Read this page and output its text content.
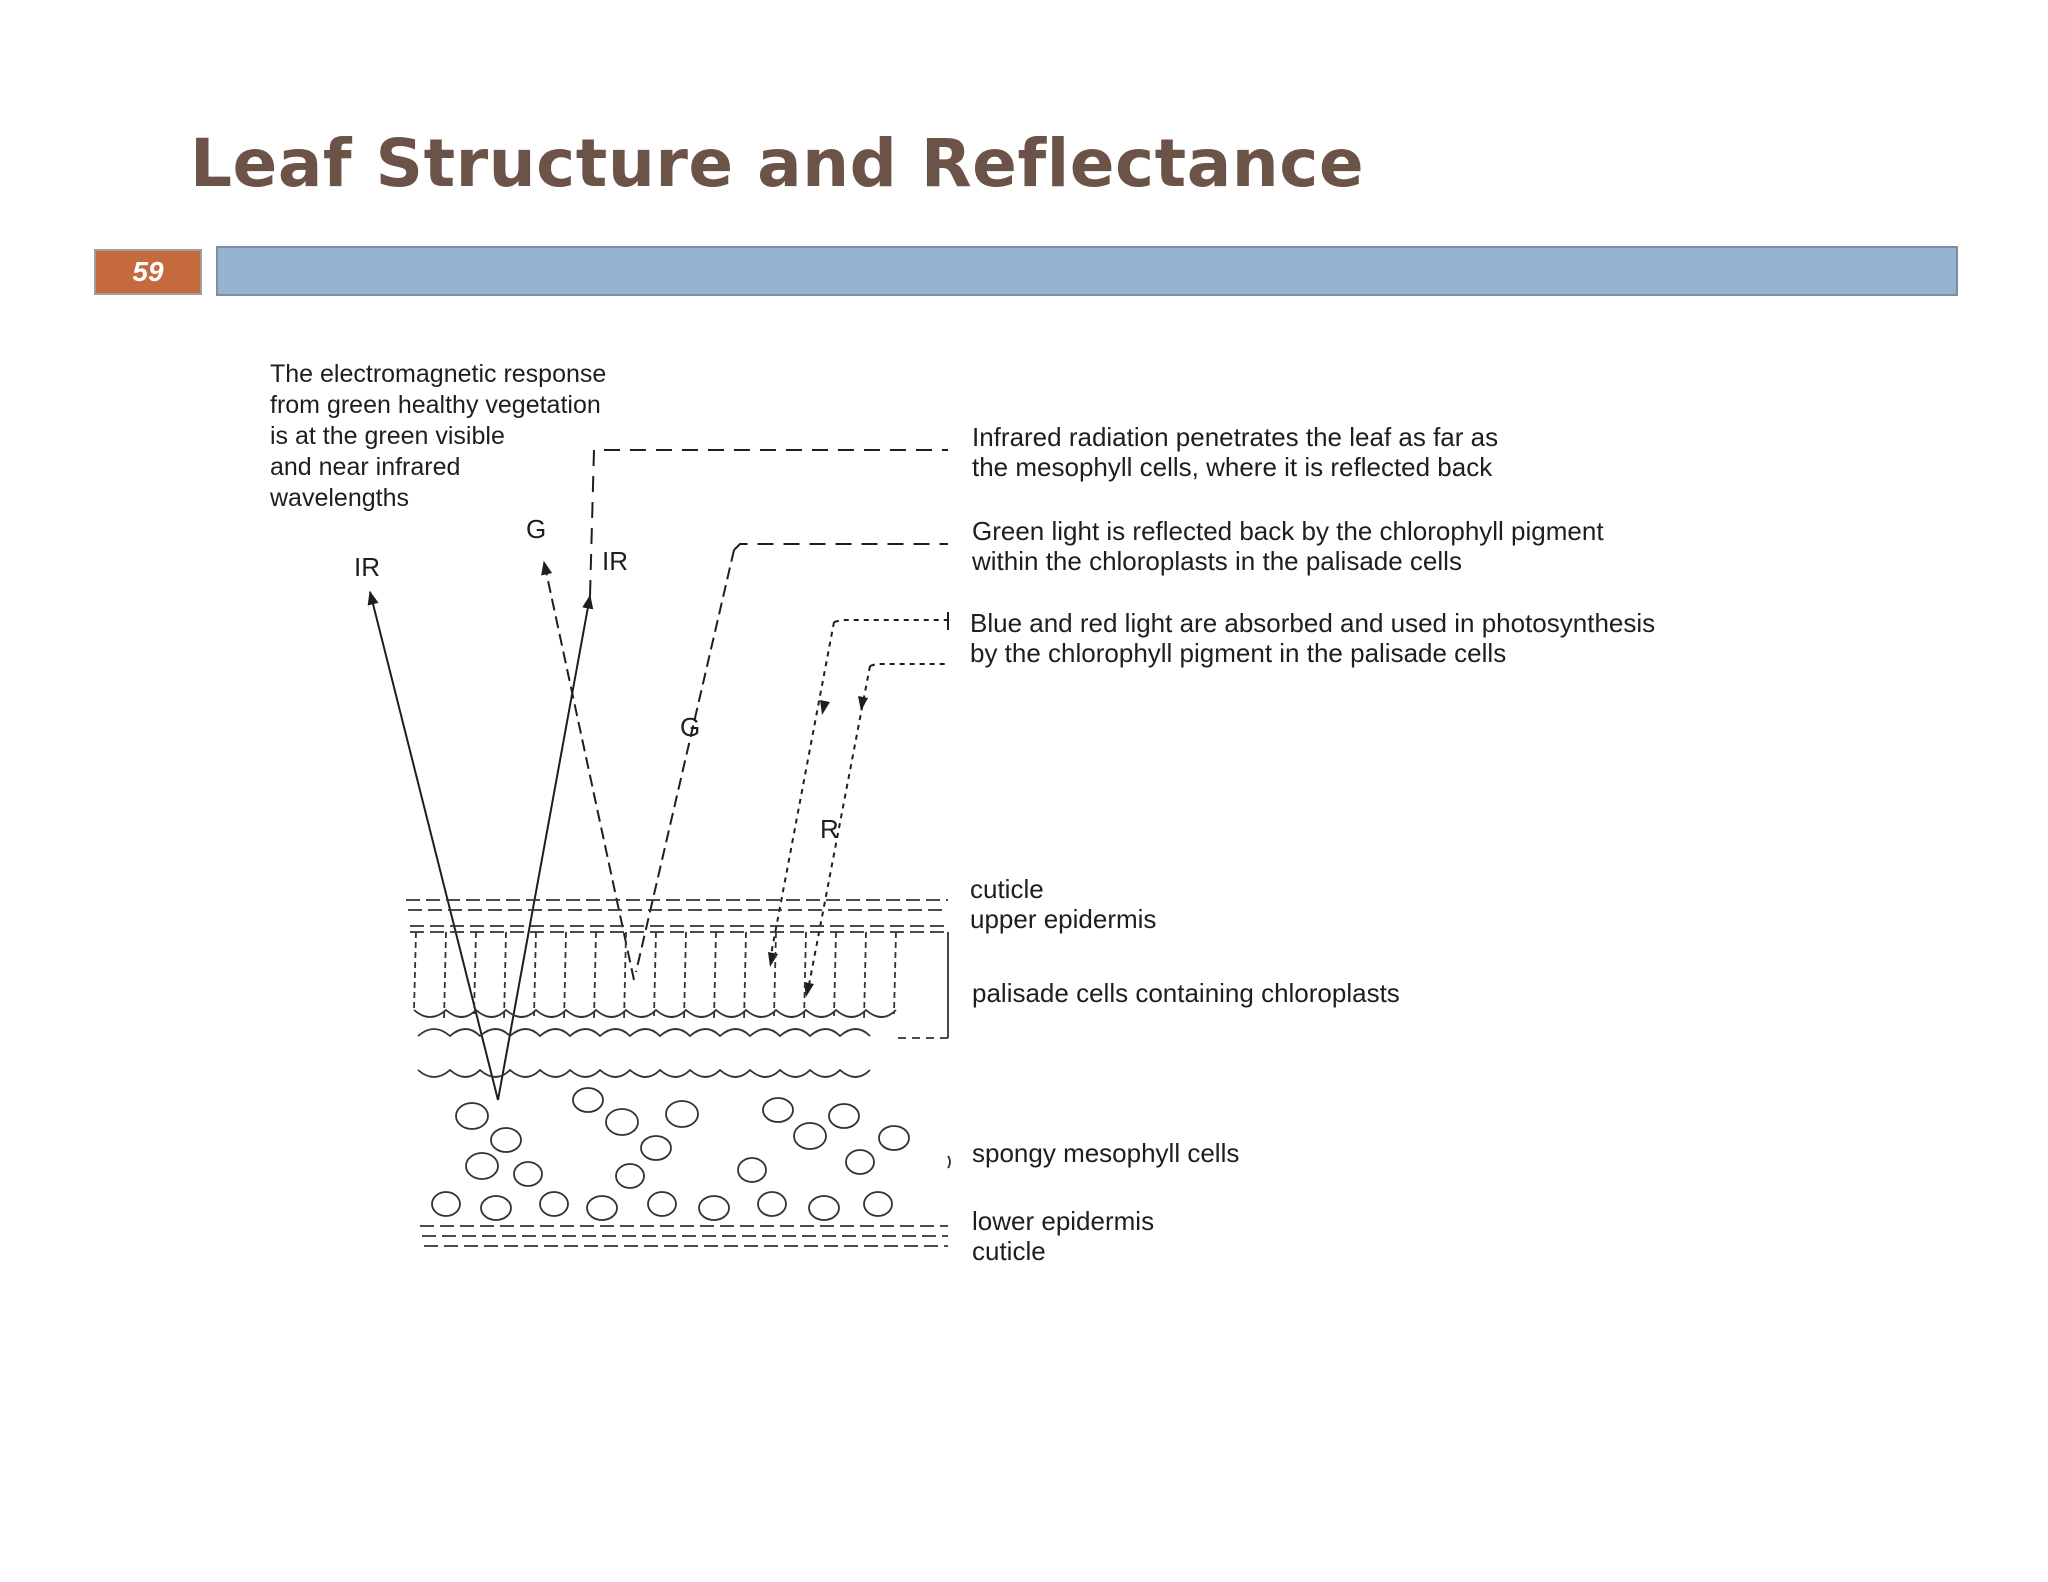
Leaf Structure and Reflectance
59
The electromagnetic response from green healthy vegetation is at the green visible and near infrared wavelengths
IR
G
IR
G
R
Infrared radiation penetrates the leaf as far as the mesophyll cells, where it is reflected back
Green light is reflected back by the chlorophyll pigment within the chloroplasts in the palisade cells
Blue and red light are absorbed and used in photosynthesis by the chlorophyll pigment in the palisade cells
cuticle
upper epidermis
palisade cells containing chloroplasts
spongy mesophyll cells
lower epidermis
cuticle
